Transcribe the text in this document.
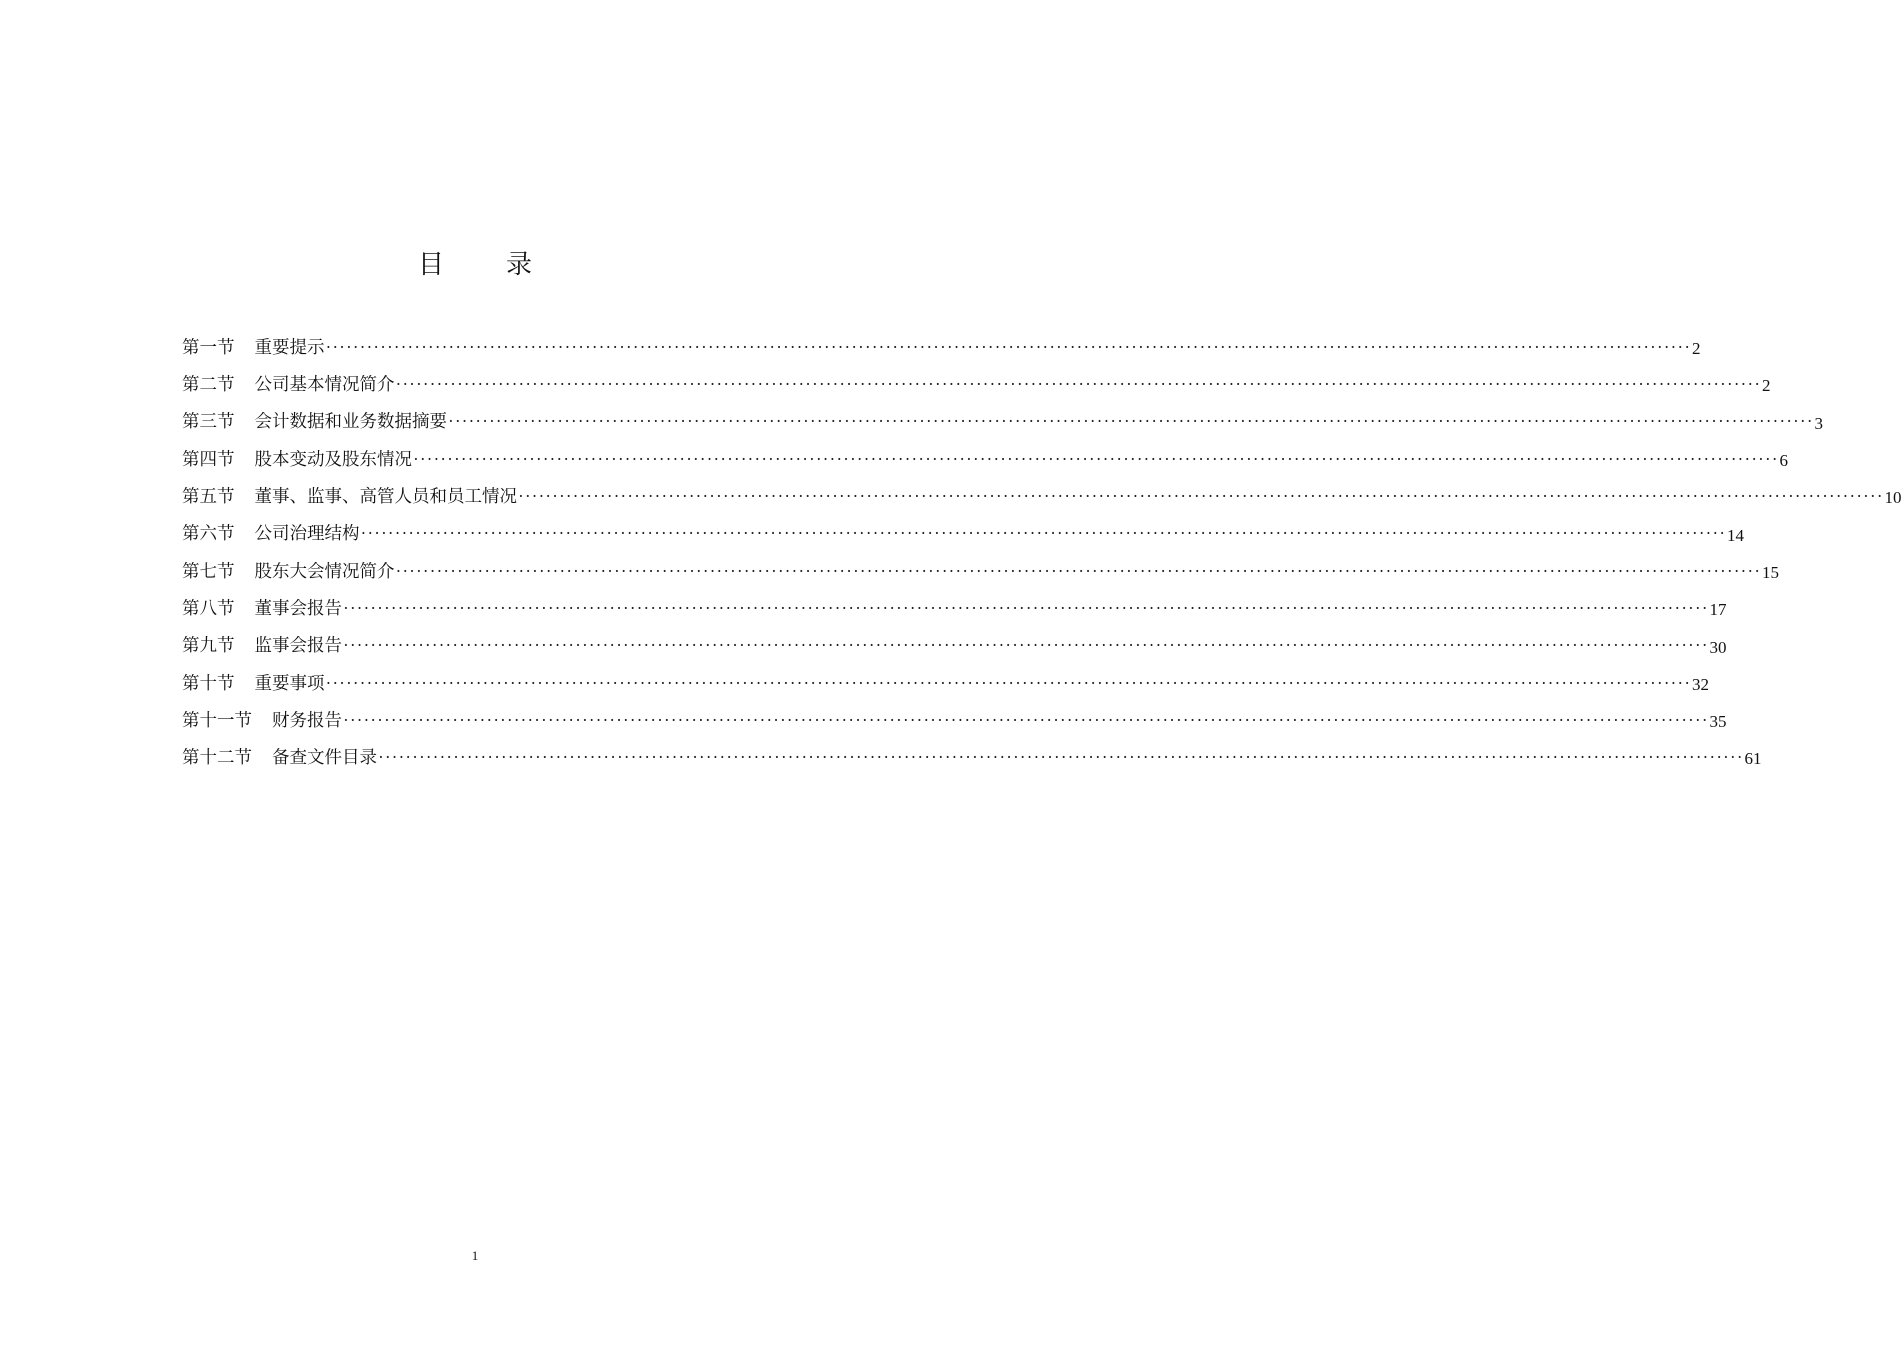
目 录
第一节 重要提示 ········································································································································································································ 2
第二节 公司基本情况简介 ········································································································································································································ 2
第三节 会计数据和业务数据摘要 ········································································································································································································ 3
第四节 股本变动及股东情况 ········································································································································································································ 6
第五节 董事、监事、高管人员和员工情况 ········································································································································································································ 10
第六节 公司治理结构 ········································································································································································································ 14
第七节 股东大会情况简介 ········································································································································································································ 15
第八节 董事会报告 ········································································································································································································ 17
第九节 监事会报告 ········································································································································································································ 30
第十节 重要事项 ········································································································································································································ 32
第十一节 财务报告 ········································································································································································································ 35
第十二节 备查文件目录 ········································································································································································································ 61
1
